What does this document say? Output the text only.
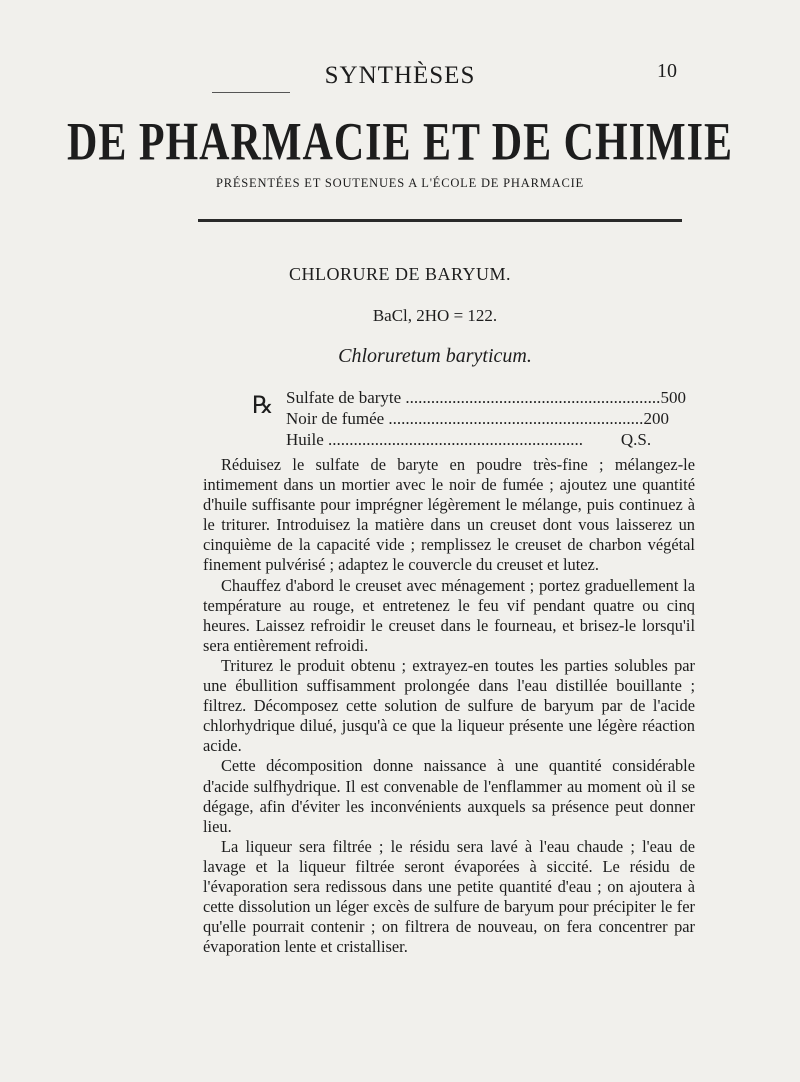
10
SYNTHÈSES
DE PHARMACIE ET DE CHIMIE
PRÉSENTÉES ET SOUTENUES A L'ÉCOLE DE PHARMACIE
CHLORURE DE BARYUM.
BaCl, 2HO = 122.
Chloruretum baryticum.
℞ Sulfate de baryte ............................................................ 500
Noir de fumée ............................................................ 200
Huile ............................................................	Q.S.

Réduisez le sulfate de baryte en poudre très-fine ; mélangez-le intimement dans un mortier avec le noir de fumée ; ajoutez une quantité d'huile suffisante pour imprégner légèrement le mélange, puis continuez à le triturer. Introduisez la matière dans un creuset dont vous laisserez un cinquième de la capacité vide ; remplissez le creuset de charbon végétal finement pulvérisé ; adaptez le couvercle du creuset et lutez.

Chauffez d'abord le creuset avec ménagement ; portez graduellement la température au rouge, et entretenez le feu vif pendant quatre ou cinq heures. Laissez refroidir le creuset dans le fourneau, et brisez-le lorsqu'il sera entièrement refroidi.

Triturez le produit obtenu ; extrayez-en toutes les parties solubles par une ébullition suffisamment prolongée dans l'eau distillée bouillante ; filtrez. Décomposez cette solution de sulfure de baryum par de l'acide chlorhydrique dilué, jusqu'à ce que la liqueur présente une légère réaction acide.

Cette décomposition donne naissance à une quantité considérable d'acide sulfhydrique. Il est convenable de l'enflammer au moment où il se dégage, afin d'éviter les inconvénients auxquels sa présence peut donner lieu.

La liqueur sera filtrée ; le résidu sera lavé à l'eau chaude ; l'eau de lavage et la liqueur filtrée seront évaporées à siccité. Le résidu de l'évaporation sera redissous dans une petite quantité d'eau ; on ajoutera à cette dissolution un léger excès de sulfure de baryum pour précipiter le fer qu'elle pourrait contenir ; on filtrera de nouveau, on fera concentrer par évaporation lente et cristalliser.
